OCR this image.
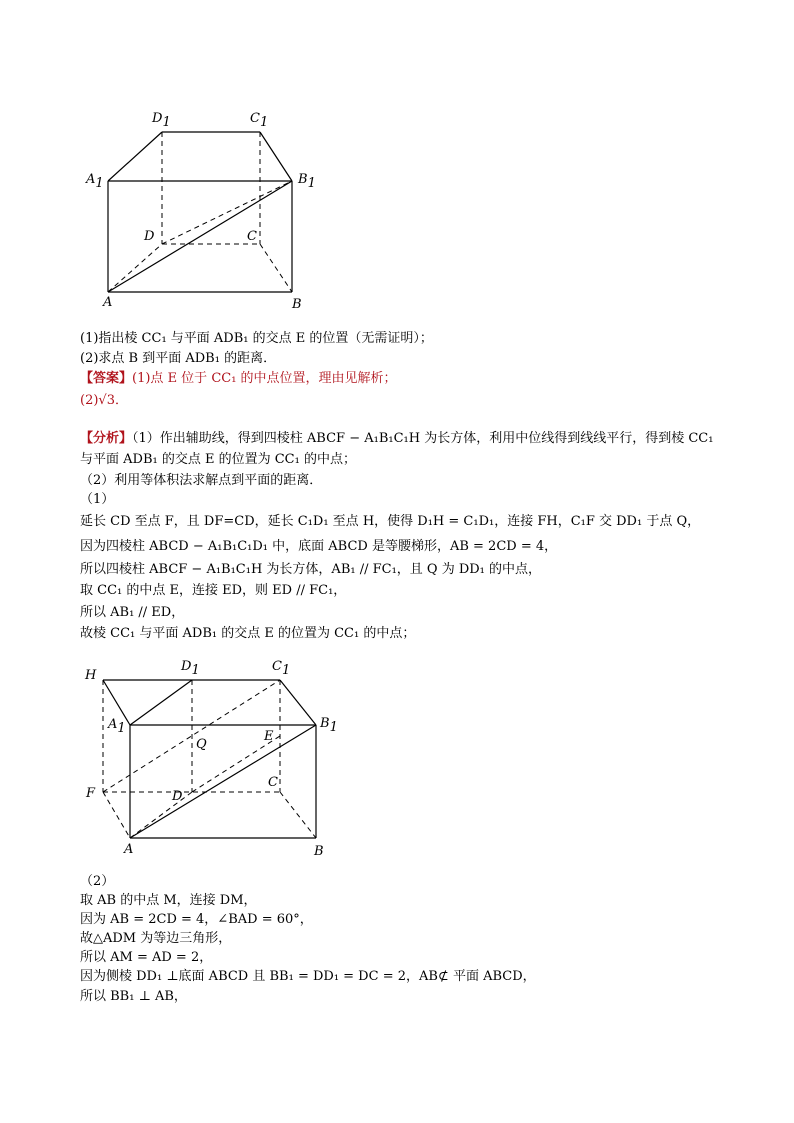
D1	C1
A1	B1
D	C
A	B
(1)指出棱 CC₁ 与平面 ADB₁ 的交点 E 的位置（无需证明）；
(2)求点 B 到平面 ADB₁ 的距离．
【答案】(1)点 E 位于 CC₁ 的中点位置，理由见解析；
(2)√3．
【分析】（1）作出辅助线，得到四棱柱 ABCF − A₁B₁C₁H 为长方体，利用中位线得到线线平行，得到棱 CC₁
与平面 ADB₁ 的交点 E 的位置为 CC₁ 的中点；
（2）利用等体积法求解点到平面的距离．
（1）
延长 CD 至点 F，且 DF=CD，延长 C₁D₁ 至点 H，使得 D₁H = C₁D₁，连接 FH，C₁F 交 DD₁ 于点 Q，
因为四棱柱 ABCD − A₁B₁C₁D₁ 中，底面 ABCD 是等腰梯形，AB = 2CD = 4，
所以四棱柱 ABCF − A₁B₁C₁H 为长方体，AB₁ // FC₁，且 Q 为 DD₁ 的中点，
取 CC₁ 的中点 E，连接 ED，则 ED // FC₁，
所以 AB₁ // ED，
故棱 CC₁ 与平面 ADB₁ 的交点 E 的位置为 CC₁ 的中点；
H
D1	C1
A1	B1
Q
E
F	D
C
A	B
（2）
取 AB 的中点 M，连接 DM，
因为 AB = 2CD = 4，∠BAD = 60°，
故△ADM 为等边三角形，
所以 AM = AD = 2，
因为侧棱 DD₁ ⊥底面 ABCD 且 BB₁ = DD₁ = DC = 2，AB⊄ 平面 ABCD，
所以 BB₁ ⊥ AB，
